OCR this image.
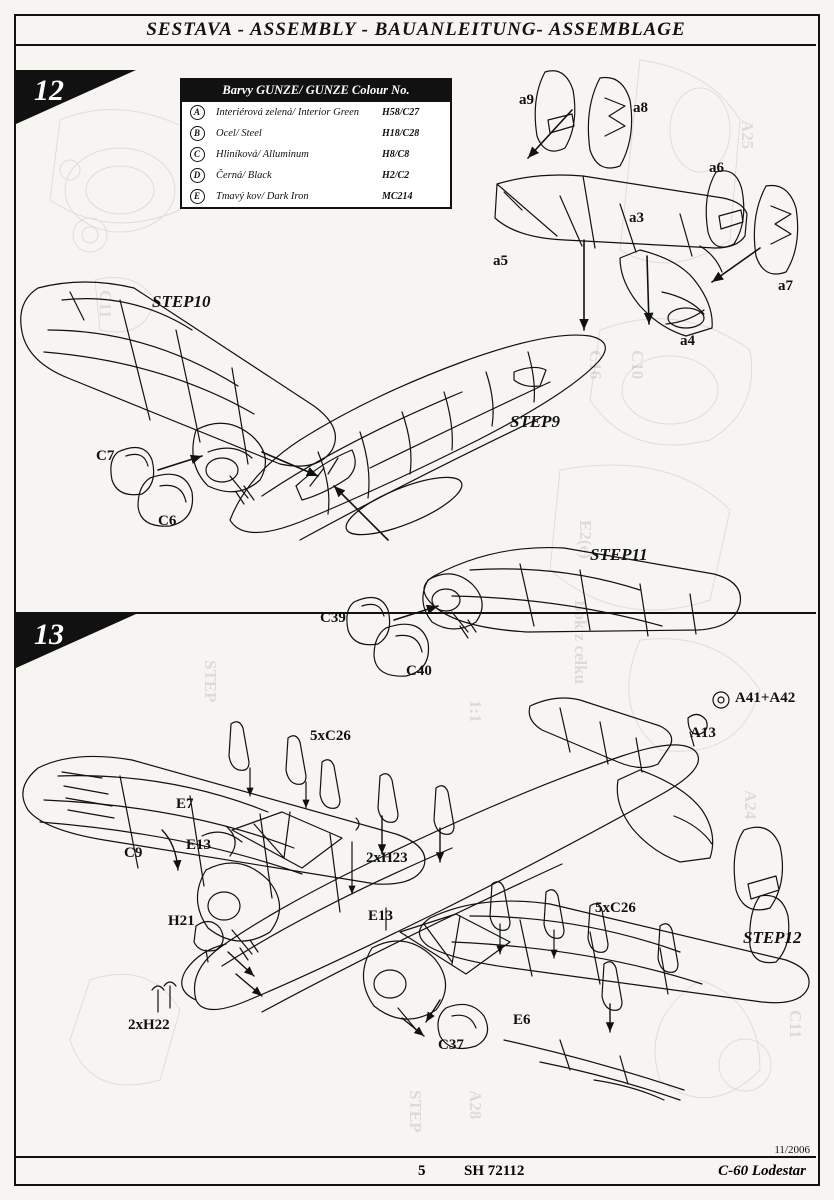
A25
C11
C16 C10
E2(e)
Bok z celku
STEP
A24
1:1
C11
STEP A28
SESTAVA - ASSEMBLY - BAUANLEITUNG- ASSEMBLAGE
12
13
Barvy GUNZE/ GUNZE Colour No.
A	Interiérová zelená/ Interior Green	H58/C27
B	Ocel/ Steel	H18/C28
C	Hliníková/ Alluminum	H8/C8
D	Černá/ Black	H2/C2
E	Tmavý kov/ Dark Iron	MC214
a9	a8
a6
a7
a3
a5
a4
STEP10
STEP9
STEP11
STEP12
C7
C6
C39
C40
5xC26
5xC26
E7
E13
E13
C9	2xH23
H21
2xH22
C37
E6
A41+A42
A13
11/2006
5	SH 72112	C-60 Lodestar
